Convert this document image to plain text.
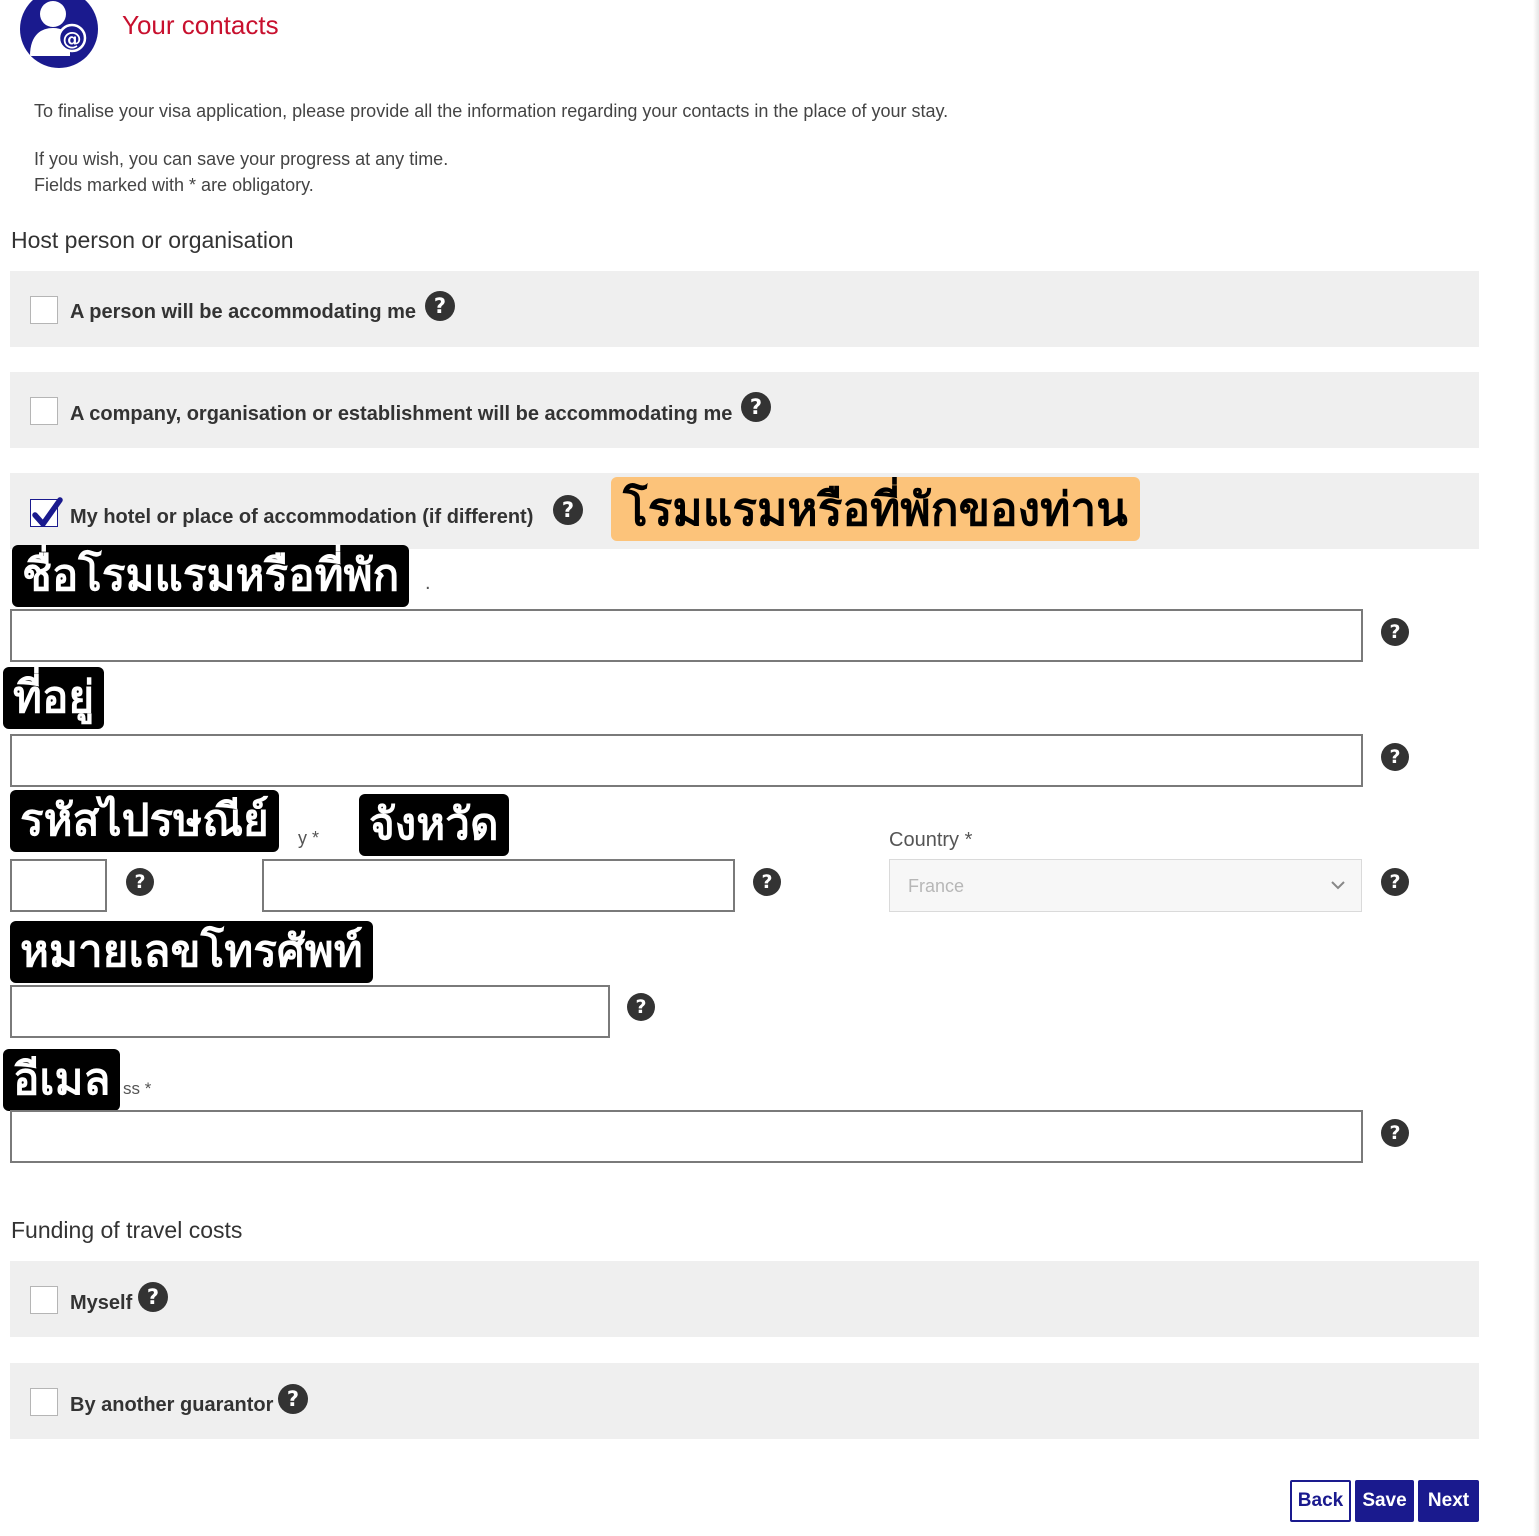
@ Your contacts
To finalise your visa application, please provide all the information regarding your contacts in the place of your stay.
If you wish, you can save your progress at any time.
Fields marked with * are obligatory.
Host person or organisation
A person will be accommodating me ?
A company, organisation or establishment will be accommodating me ?
My hotel or place of accommodation (if different)	? โรมแรมหรือที่พักของท่าน
ชื่อโรมแรมหรือที่พัก	.
?
ที่อยู่
?
รหัสไปรษณีย์	y * จังหวัด	Country *
?	?	France	?
หมายเลขโทรศัพท์
?
อีเมล ss *
?
Funding of travel costs
Myself ?
By another guarantor ?
Back	Save	Next
